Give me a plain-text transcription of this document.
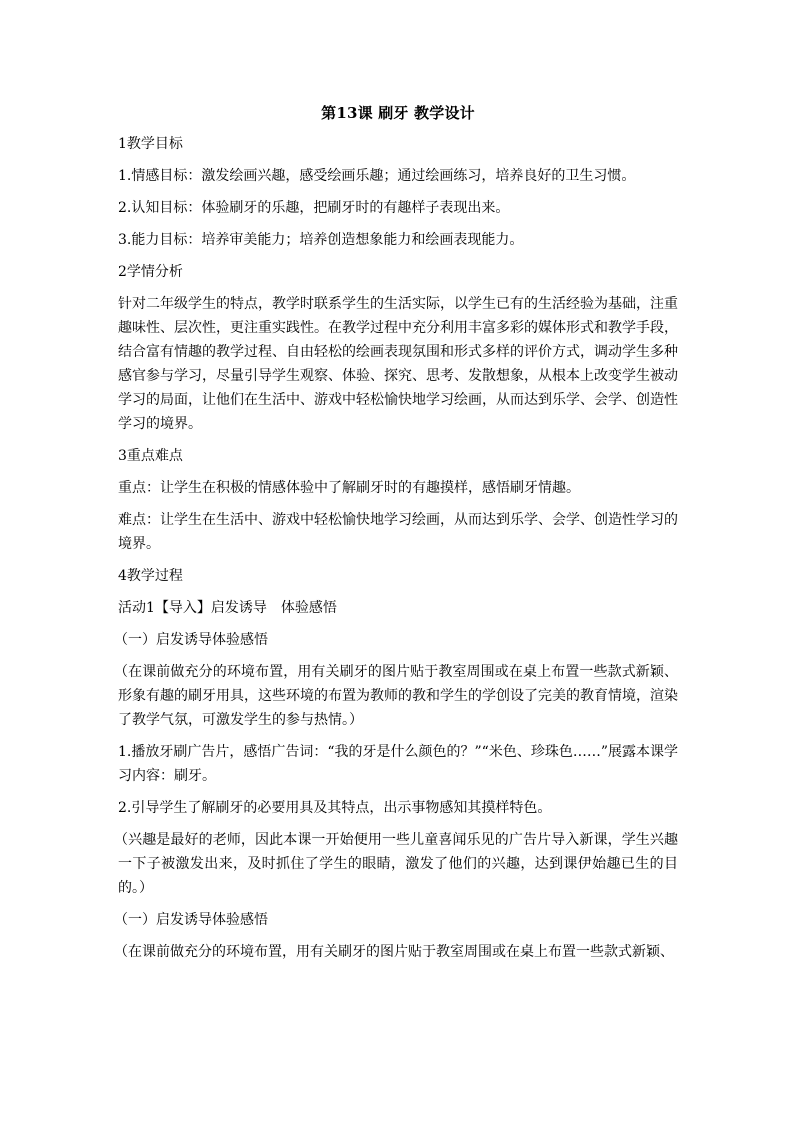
第13课 刷牙 教学设计

1教学目标

1.情感目标：激发绘画兴趣，感受绘画乐趣；通过绘画练习，培养良好的卫生习惯。

2.认知目标：体验刷牙的乐趣，把刷牙时的有趣样子表现出来。

3.能力目标：培养审美能力；培养创造想象能力和绘画表现能力。

2学情分析

针对二年级学生的特点，教学时联系学生的生活实际，以学生已有的生活经验为基础，注重趣味性、层次性，更注重实践性。在教学过程中充分利用丰富多彩的媒体形式和教学手段，结合富有情趣的教学过程、自由轻松的绘画表现氛围和形式多样的评价方式，调动学生多种感官参与学习，尽量引导学生观察、体验、探究、思考、发散想象，从根本上改变学生被动学习的局面，让他们在生活中、游戏中轻松愉快地学习绘画，从而达到乐学、会学、创造性学习的境界。

3重点难点

重点：让学生在积极的情感体验中了解刷牙时的有趣摸样，感悟刷牙情趣。

难点：让学生在生活中、游戏中轻松愉快地学习绘画，从而达到乐学、会学、创造性学习的境界。

4教学过程

活动1【导入】启发诱导　体验感悟

（一）启发诱导体验感悟

（在课前做充分的环境布置，用有关刷牙的图片贴于教室周围或在桌上布置一些款式新颖、形象有趣的刷牙用具，这些环境的布置为教师的教和学生的学创设了完美的教育情境，渲染了教学气氛，可激发学生的参与热情。）

1.播放牙刷广告片，感悟广告词：“我的牙是什么颜色的？”“米色、珍珠色……”展露本课学习内容：刷牙。

2.引导学生了解刷牙的必要用具及其特点，出示事物感知其摸样特色。

（兴趣是最好的老师，因此本课一开始便用一些儿童喜闻乐见的广告片导入新课，学生兴趣一下子被激发出来，及时抓住了学生的眼睛，激发了他们的兴趣，达到课伊始趣已生的目的。）

（一）启发诱导体验感悟

（在课前做充分的环境布置，用有关刷牙的图片贴于教室周围或在桌上布置一些款式新颖、
